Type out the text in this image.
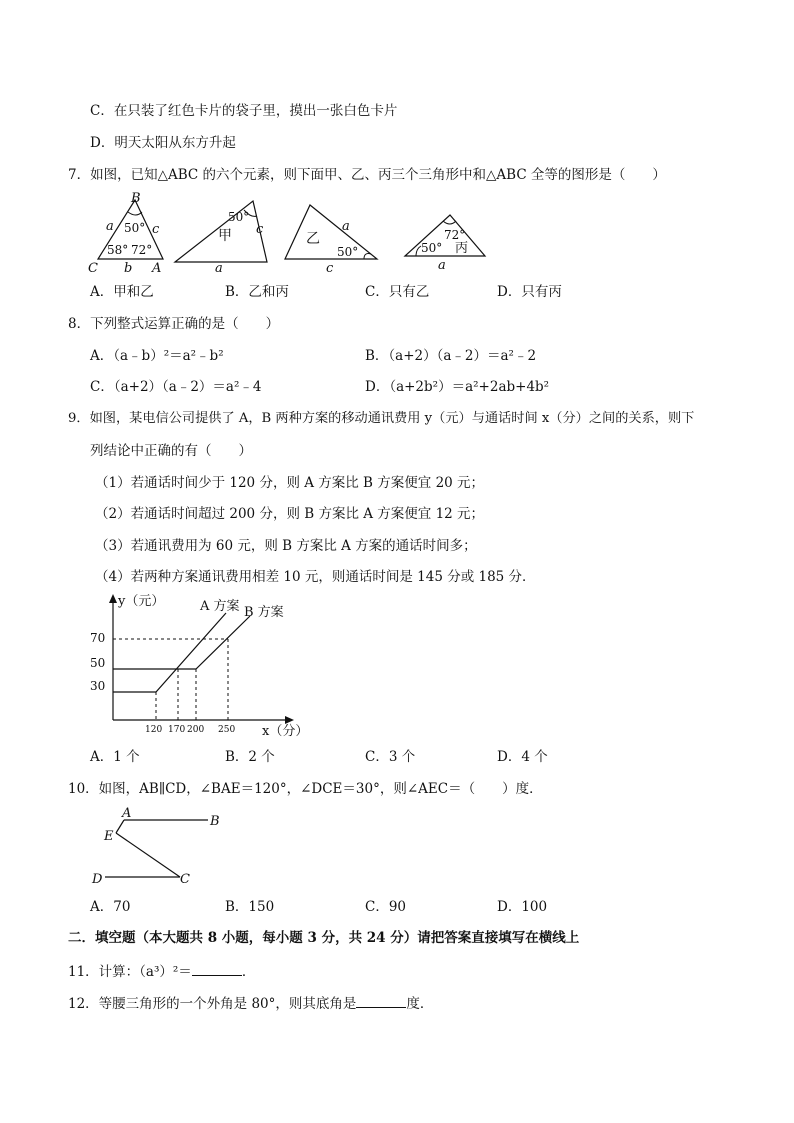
C．在只装了红色卡片的袋子里，摸出一张白色卡片
D．明天太阳从东方升起
7．如图，已知△ABC 的六个元素，则下面甲、乙、丙三个三角形中和△ABC 全等的图形是（　　）
B
C	A
a
b
c
50°
58° 72°
50°
甲 c
a
乙
50°
a
c
72°
50° 丙
a
A．甲和乙	B．乙和丙	C．只有乙	D．只有丙
8．下列整式运算正确的是（　　）
A．（a﹣b）²＝a²﹣b²	B．（a+2）（a﹣2）＝a²﹣2
C．（a+2）（a﹣2）＝a²﹣4	D．（a+2b²）＝a²+2ab+4b²
9．如图，某电信公司提供了 A，B 两种方案的移动通讯费用 y（元）与通话时间 x（分）之间的关系，则下
列结论中正确的有（　　）
（1）若通话时间少于 120 分，则 A 方案比 B 方案便宜 20 元；
（2）若通话时间超过 200 分，则 B 方案比 A 方案便宜 12 元；
（3）若通讯费用为 60 元，则 B 方案比 A 方案的通话时间多；
（4）若两种方案通讯费用相差 10 元，则通话时间是 145 分或 185 分．
y（元）
x（分）
70
50
30
120 170 200 250
A 方案 B 方案
A．1 个	B．2 个	C．3 个	D．4 个
10．如图，AB∥CD，∠BAE＝120°，∠DCE＝30°，则∠AEC＝（　　）度．
A
B
E
D	C
A．70	B．150	C．90	D．100
二．填空题（本大题共 8 小题，每小题 3 分，共 24 分）请把答案直接填写在横线上
11．计算：（a³）²＝	．
12．等腰三角形的一个外角是 80°，则其底角是	度．
